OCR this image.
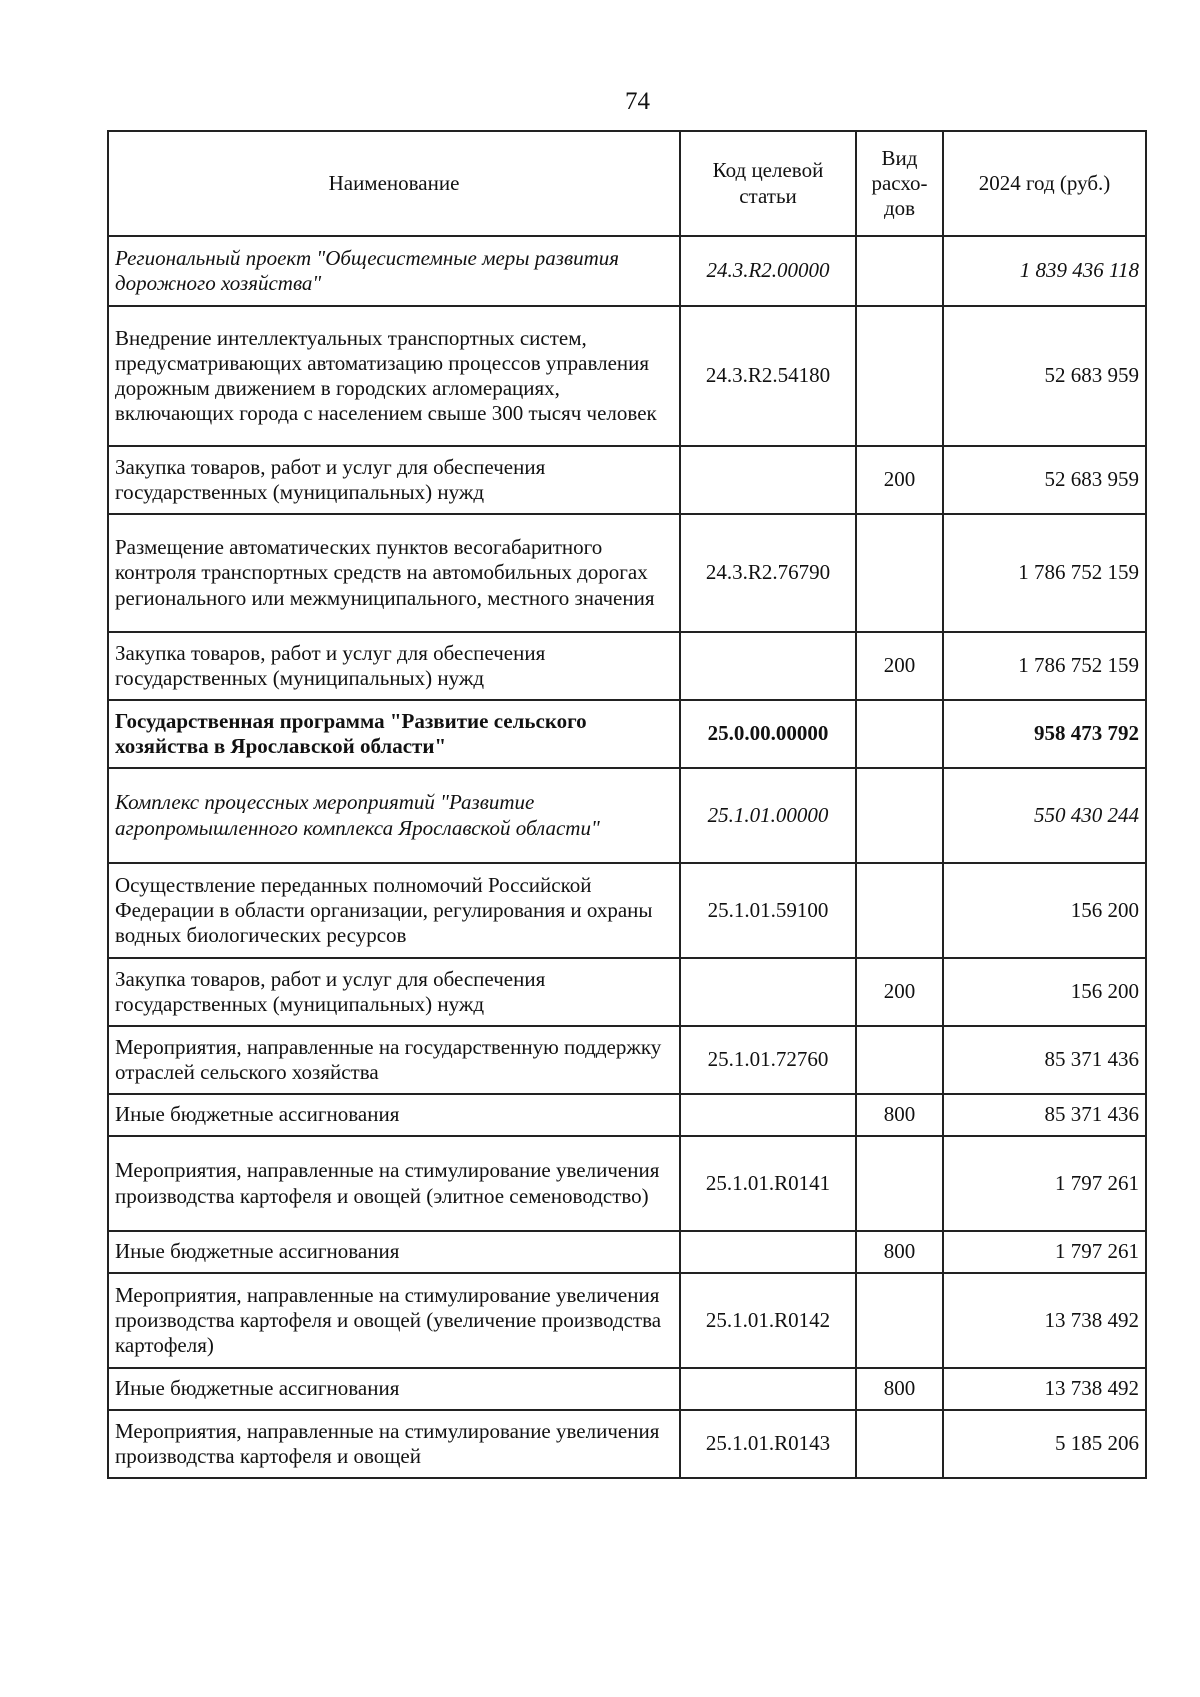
74
Наименование	Код целевой статьи	Вид расхо- дов	2024 год (руб.)
Региональный проект "Общесистемные меры развития дорожного хозяйства"	24.3.R2.00000		1 839 436 118
Внедрение интеллектуальных транспортных систем, предусматривающих автоматизацию процессов управления дорожным движением в городских агломерациях, включающих города с населением свыше 300 тысяч человек	24.3.R2.54180		52 683 959
Закупка товаров, работ и услуг для обеспечения государственных (муниципальных) нужд		200	52 683 959
Размещение автоматических пунктов весогабаритного контроля транспортных средств на автомобильных дорогах регионального или межмуниципального, местного значения	24.3.R2.76790		1 786 752 159
Закупка товаров, работ и услуг для обеспечения государственных (муниципальных) нужд		200	1 786 752 159
Государственная программа "Развитие сельского хозяйства в Ярославской области"	25.0.00.00000		958 473 792
Комплекс процессных мероприятий "Развитие агропромышленного комплекса Ярославской области"	25.1.01.00000		550 430 244
Осуществление переданных полномочий Российской Федерации в области организации, регулирования и охраны водных биологических ресурсов	25.1.01.59100		156 200
Закупка товаров, работ и услуг для обеспечения государственных (муниципальных) нужд		200	156 200
Мероприятия, направленные на государственную поддержку отраслей сельского хозяйства	25.1.01.72760		85 371 436
Иные бюджетные ассигнования		800	85 371 436
Мероприятия, направленные на стимулирование увеличения производства картофеля и овощей (элитное семеноводство)	25.1.01.R0141		1 797 261
Иные бюджетные ассигнования		800	1 797 261
Мероприятия, направленные на стимулирование увеличения производства картофеля и овощей (увеличение производства картофеля)	25.1.01.R0142		13 738 492
Иные бюджетные ассигнования		800	13 738 492
Мероприятия, направленные на стимулирование увеличения производства картофеля и овощей	25.1.01.R0143		5 185 206
